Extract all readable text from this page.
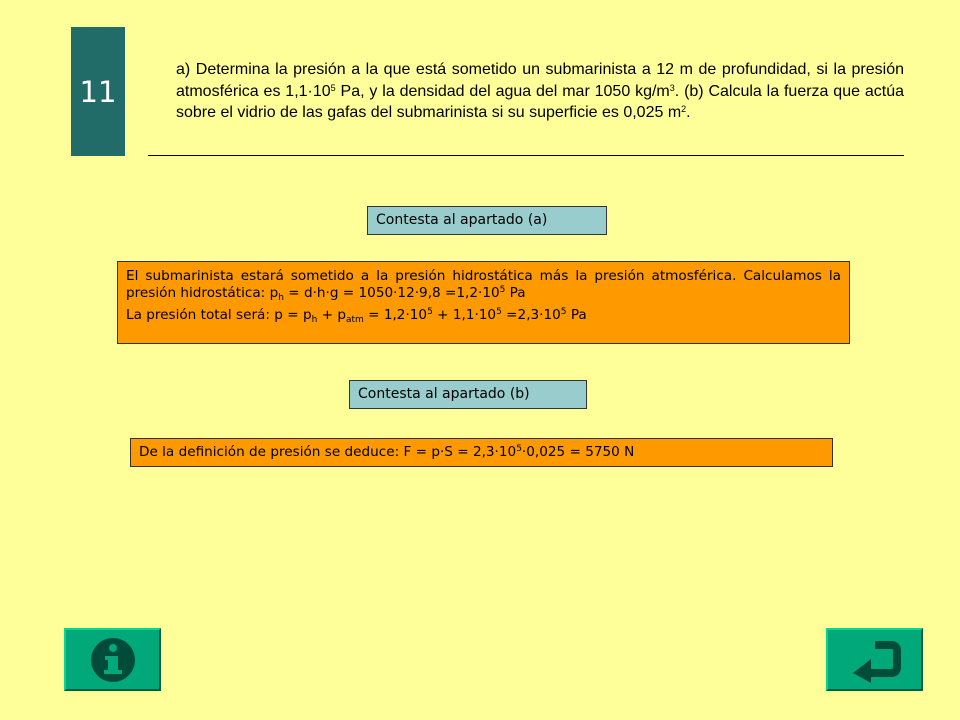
11
a) Determina la presión a la que está sometido un submarinista a 12 m de profundidad, si la presión atmosférica es $1,1\cdot 10^5$ Pa, y la densidad del agua del mar 1050 $kg/m^3$. (b) Calcula la fuerza que actúa sobre el vidrio de las gafas del submarinista si su superficie es 0,025 $m^2$.
Contesta al apartado (a)

El submarinista estará sometido a la presión hidrostática más la presión atmosférica. Calculamos la presión hidrostática: $p_h = d\cdot h\cdot g = 1050\cdot 12\cdot 9,8 =1,2\cdot 10^5$ Pa

La presión total será: $p = p_h + p_{atm} = 1,2\cdot 10^5 + 1,1\cdot 10^5 =2,3\cdot 10^5$ Pa

Contesta al apartado (b)
De la definición de presión se deduce: $F = p\cdot S = 2,3\cdot 10^5\cdot 0,025 = 5750$ N
